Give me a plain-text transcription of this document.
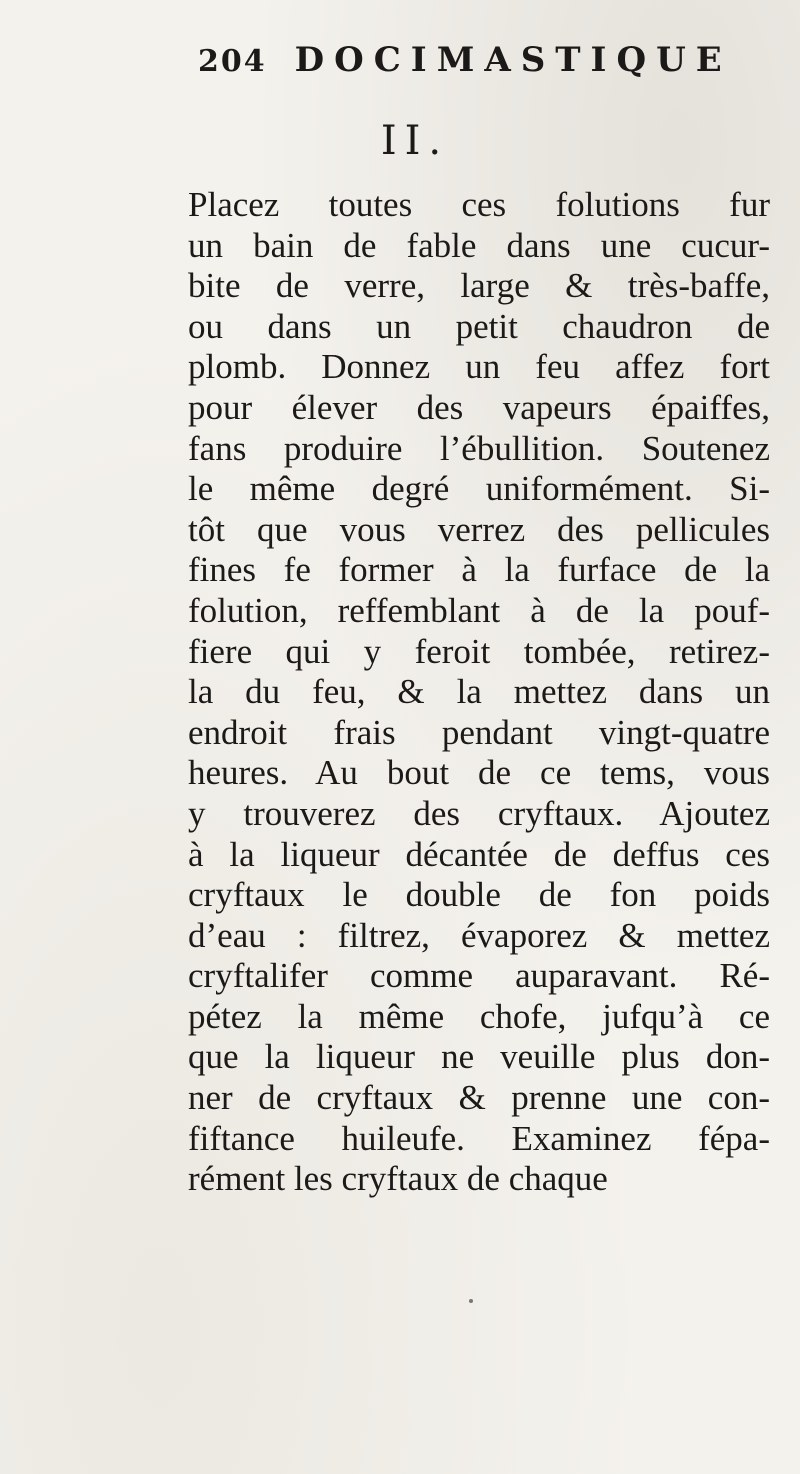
204 DOCIMASTIQUE
II.
Placez toutes ces folutions fur
un bain de fable dans une cucur-
bite de verre, large & très-baffe,
ou dans un petit chaudron de
plomb. Donnez un feu affez fort
pour élever des vapeurs épaiffes,
fans produire l’ébullition. Soutenez
le même degré uniformément. Si-
tôt que vous verrez des pellicules
fines fe former à la furface de la
folution, reffemblant à de la pouf-
fiere qui y feroit tombée, retirez-
la du feu, & la mettez dans un
endroit frais pendant vingt-quatre
heures. Au bout de ce tems, vous
y trouverez des cryftaux. Ajoutez
à la liqueur décantée de deffus ces
cryftaux le double de fon poids
d’eau : filtrez, évaporez & mettez
cryftalifer comme auparavant. Ré-
pétez la même chofe, jufqu’à ce
que la liqueur ne veuille plus don-
ner de cryftaux & prenne une con-
fiftance huileufe. Examinez fépa-
rément les cryftaux de chaque
